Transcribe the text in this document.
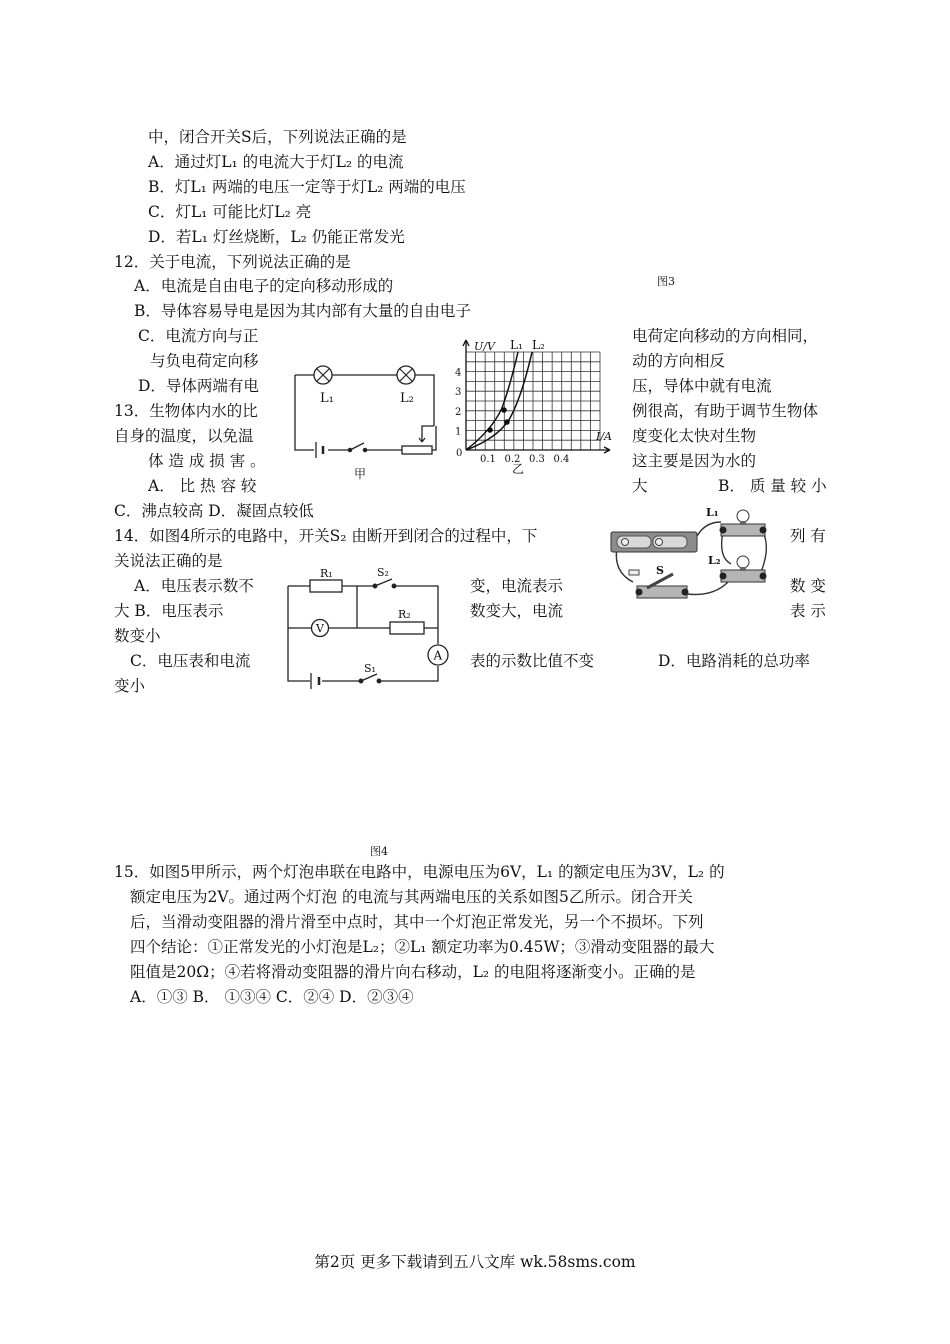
中，闭合开关S后，下列说法正确的是
A．通过灯L₁ 的电流大于灯L₂ 的电流
B．灯L₁ 两端的电压一定等于灯L₂ 两端的电压
C．灯L₁ 可能比灯L₂ 亮
D．若L₁ 灯丝烧断，L₂ 仍能正常发光
12．关于电流，下列说法正确的是
图3
A．电流是自由电子的定向移动形成的
B．导体容易导电是因为其内部有大量的自由电子
C．电流方向与正	电荷定向移动的方向相同，
与负电荷定向移	动的方向相反
D．导体两端有电	压，导体中就有电流
13．生物体内水的比	例很高，有助于调节生物体
自身的温度，以免温	度变化太快对生物
体 造 成 损 害 。	这主要是因为水的
A． 比 热 容 较	大	B． 质 量 较 小
C．沸点较高 D．凝固点较低
L₁	L₂
甲
4
3
2
1
0.1 0.2 0.3 0.4
U/V
I/A
L₁ L₂
0
乙
14．如图4所示的电路中，开关S₂ 由断开到闭合的过程中，下	列 有
关说法正确的是
A．电压表示数不	变，电流表示	数 变
大 B．电压表示	数变大，电流	表 示
数变小
C．电压表和电流	表的示数比值不变	D．电路消耗的总功率
变小
V
A
R₁	S₂
R₂
S₁
图4
L₁
L₂
S
15．如图5甲所示，两个灯泡串联在电路中，电源电压为6V，L₁ 的额定电压为3V，L₂ 的
额定电压为2V。通过两个灯泡 的电流与其两端电压的关系如图5乙所示。闭合开关
后，当滑动变阻器的滑片滑至中点时，其中一个灯泡正常发光，另一个不损坏。下列
四个结论：①正常发光的小灯泡是L₂；②L₁ 额定功率为0.45W；③滑动变阻器的最大
阻值是20Ω；④若将滑动变阻器的滑片向右移动，L₂ 的电阻将逐渐变小。正确的是
A．①③ B． ①③④ C．②④ D．②③④
第2页 更多下载请到五八文库 wk.58sms.com
